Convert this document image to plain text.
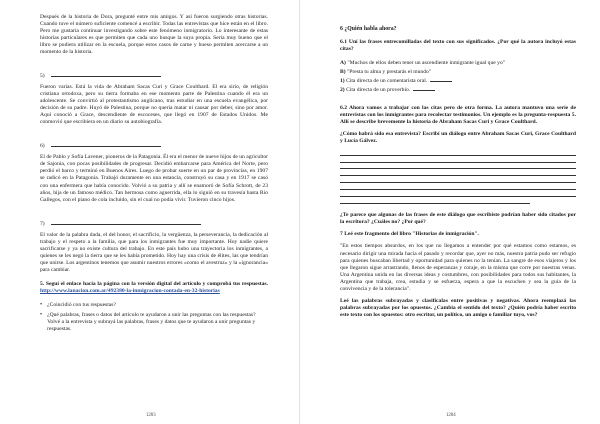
Después de la historia de Dora, pregunté entre mis amigos. Y así fueron surgiendo otras historias. Cuando tuve el número suficiente comencé a escribir. Todas las entrevistas que hice están en el libro. Pero me gustaría continuar investigando sobre este fenómeno inmigratorio. Lo interesante de estas historias particulares es que permiten que cada uno busque la suya propia. Sería muy bueno que el libro se pudiera utilizar en la escuela, porque estos casos de carne y hueso permiten acercarse a un momento de la historia.

5)

Fueron varias. Está la vida de Abraham Sacas Curi y Grace Coulthard. El era sirio, de religión cristiana ortodoxa, pero su tierra formaba en ese momento parte de Palestina cuando él era un adolescente. Se convirtió al protestantismo anglicano, tras estudiar en una escuela evangélica, por decisión de su padre. Huyó de Palestina, porque no quería matar ni causar por deber, sino por amor. Aquí conoció a Grace, descendiente de escoceses, que llegó en 1907 de Estados Unidos. Me conmovió que escribiera en un diario su autobiografía.

6)

El de Pablo y Sofía Lavener, pioneros de la Patagonia. Él era el menor de nueve hijos de un agricultor de Sajonia, con pocas posibilidades de progresar. Decidió embarcarse para América del Norte, pero perdió el barco y terminó en Buenos Aires. Luego de probar suerte en un par de provincias, en 1907 se radicó en la Patagonia. Trabajó duramente en una estancia, construyó su casa y en 1917 se casó con una enfermera que había conocido. Volvió a su patria y allí se enamoró de Sofía Schrott, de 23 años, hija de un famoso médico. Tan hermosa como aguerrida, ella lo siguió en su travesía hasta Río Gallegos, con el piano de cola incluido, sin el cual no podía vivir. Tuvieron cinco hijos.

7)

El valor de la palabra dada, el del honor, el sacrificio, la vergüenza, la perseverancia, la dedicación al trabajo y el respeto a la familia, que para los inmigrantes fue muy importante. Hoy nadie quiere sacrificarse y ya no existe cultura del trabajo. En este país hubo una trayectoria los inmigrantes, a quienes se les negó la tierra que se les había prometido. Hoy hay una crisis de élites, las que tendrían que unirse. Los argentinos tenemos que asumir nuestros errores «como el avestruz» y la «ignorancia» para cambiar.

5. Seguí el enlace hacia la página con la versión digital del artículo y comprobá tus respuestas. http://www.lanacion.com.ar/492380-la-inmigracion-contada-en-32-historias

• ¿Coincidió con tus respuestas?
• ¿Qué palabras, frases o datos del artículo te ayudaron a unir las preguntas con las respuestas? Volvé a la entrevista y subrayá las palabras, frases y datos que te ayudaron a unir preguntas y respuestas.
1283
6 ¿Quién habla ahora?

6.1 Uní las frases entrecomilladas del texto con sus significados. ¿Por qué la autora incluyó estas citas?

A) "Muchos de ellos deben tener un ascendiente inmigrante igual que yo"
B) "Presta tu alma y prestarás el mundo"
1) Cita directa de un comentarista oral.
2) Cita directa de un proverbio.

6.2 Ahora vamos a trabajar con las citas pero de otra forma. La autora mantuvo una serie de entrevistas con los inmigrantes para recolectar testimonios. Un ejemplo es la pregunta-respuesta 5. Allí se describe brevemente la historia de Abraham Sacas Curi y Grace Coulthard.

¿Cómo habrá sido esa entrevista? Escribí un diálogo entre Abraham Sacas Curi, Grace Coulthard y Lucía Gálvez.

¿Te parece que algunas de las frases de este diálogo que escribiste podrían haber sido citados por la escritora? ¿Cuáles no? ¿Por qué?

7 Leé este fragmento del libro "Historias de inmigración".

"En estos tiempos absurdos, en los que no llegamos a entender por qué estamos como estamos, es necesario dirigir una mirada hacia el pasado y recordar que, ayer no más, nuestra patria pudo ser refugio para quienes buscaban libertad y oportunidad para quienes no la tenían. La sangre de esos viajeros y los que llegaron sigue arrastrando, llenos de esperanzas y coraje, en la misma que corre por nuestras venas. Una Argentina unida en las diversas ideas y costumbres, con posibilidades para todos sus habitantes, la Argentina que trabaja, crea, estudia y se esfuerza, espera a que la escuchen y sea la guía de la convivencia y de la tolerancia".

Leé las palabras subrayadas y clasificalas entre positivas y negativas. Ahora reemplazá las palabras subrayadas por los opuestos. ¿Cambia el sentido del texto? ¿Quién podría haber escrito este texto con los opuestos: otro escritor, un político, un amigo o familiar tuyo, vos?

1284
